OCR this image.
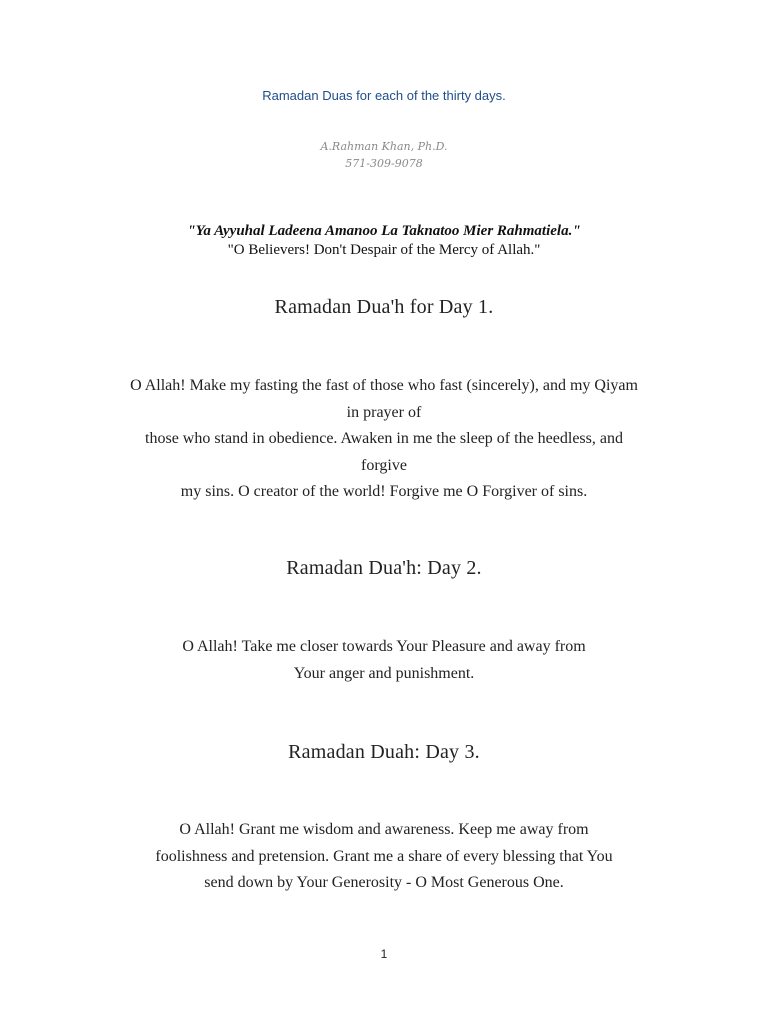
Ramadan Duas for each of the thirty days.

A.Rahman Khan, Ph.D.
571-309-9078

"Ya Ayyuhal Ladeena Amanoo La Taknatoo Mier Rahmatiela."

"O Believers! Don't Despair of the Mercy of Allah."

Ramadan Dua'h for Day 1.

O Allah! Make my fasting the fast of those who fast (sincerely), and my Qiyam
in prayer of
those who stand in obedience. Awaken in me the sleep of the heedless, and
forgive
my sins. O creator of the world! Forgive me O Forgiver of sins.

Ramadan Dua'h: Day 2.

O Allah! Take me closer towards Your Pleasure and away from
Your anger and punishment.

Ramadan Duah: Day 3.

O Allah! Grant me wisdom and awareness. Keep me away from
foolishness and pretension. Grant me a share of every blessing that You
send down by Your Generosity - O Most Generous One.

1
